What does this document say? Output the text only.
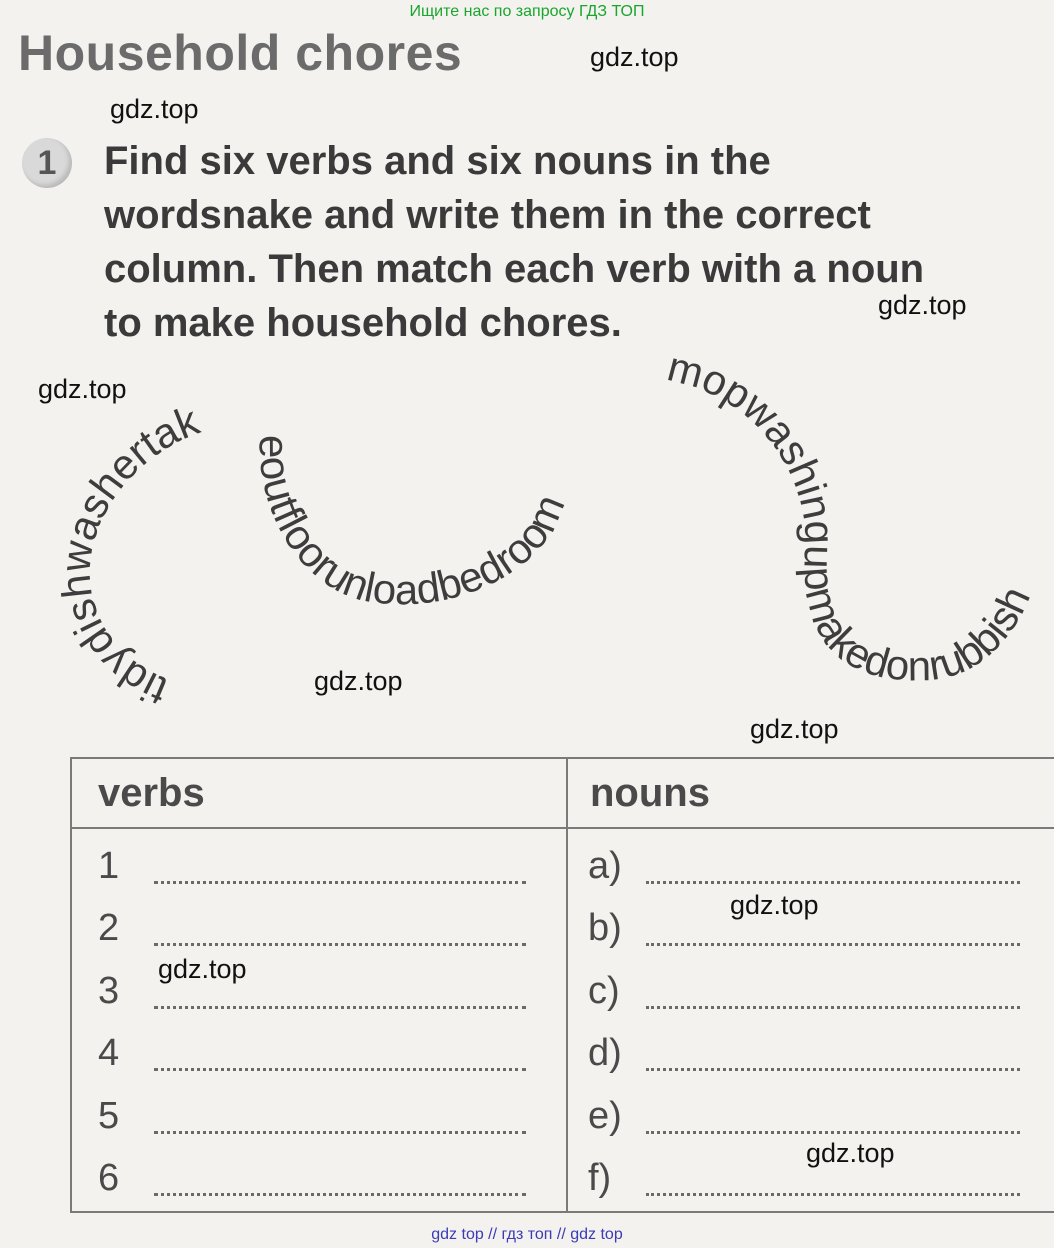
Ищите нас по запросу ГДЗ ТОП
Household chores
1	Find six verbs and six nouns in the
wordsnake and write them in the correct
column. Then match each verb with a noun
to make household chores.
tidydishwashertak eoutfloorunloadbedroom
mopwashingupmakedonrubbish
verbs	nouns
1
2
3
4
5
6
a)
b)
c)
d)
e)
f)
gdz.top
gdz.top
gdz.top
gdz.top
gdz.top
gdz.top
gdz.top
gdz.top
gdz.top
gdz top // гдз топ // gdz top
